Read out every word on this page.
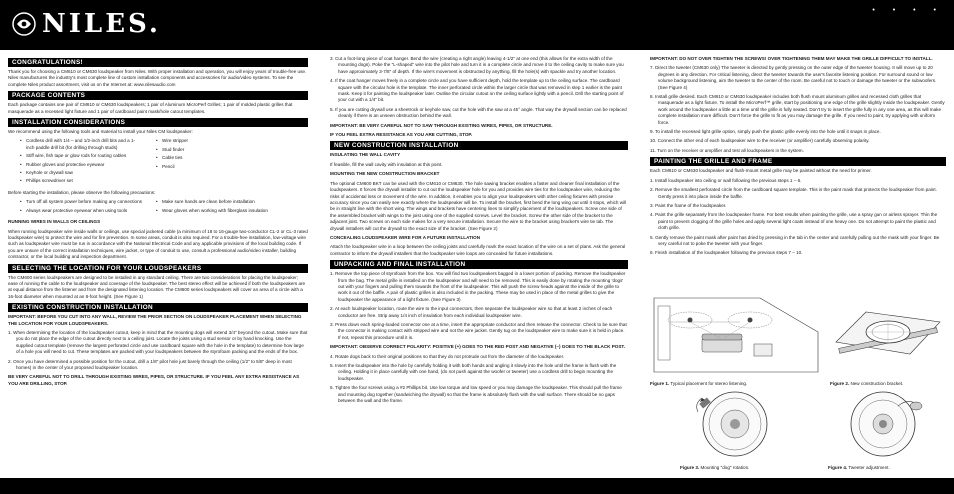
NILES.	• • • •
CONGRATULATIONS!
Thank you for choosing a CM610 or CM630 loudspeaker from Niles. With proper installation and operation, you will enjoy years of trouble-free use. Niles manufactures the industry's most complete line of custom installation components and accessories for audio/video systems. To see the complete Niles product assortment, visit us on the Internet at: www.nilesaudio.com
PACKAGE CONTENTS
Each package contains one pair of CM610 or CM630 loudspeakers; 1 pair of Aluminum MicroPerf Grilles; 1 pair of molded plastic grilles that masquerade as a recessed light fixture and 1 pair of cardboard paint mask/hole cutout templates.
INSTALLATION CONSIDERATIONS
We recommend using the following tools and material to install your Niles CM loudspeaker:
• Cordless drill with 1/4 – and 1/2-inch drill bits and a 1-inch paddle drill bit (for drilling through studs)
• Stiff wire, fish tape or glow rods for routing cables
• Rubber gloves and protective eyewear
• Keyhole or drywall saw
• Phillips screwdriver set
• Wire stripper
• Stud finder
• Cable ties
• Pencil
Before starting the installation, please observe the following precautions:
• Turn off all system power before making any connections
• Always wear protective eyewear when using tools
• Make sure hands are clean before installation
• Wear gloves when working with fiberglass insulation
RUNNING WIRES IN WALLS OR CEILINGS
When running loudspeaker wire inside walls or ceilings, use special jacketed cable (a minimum of 18 to 16-gauge two-conductor CL-2 or CL-3 rated loudspeaker wire) to protect the wire and for fire prevention. In some areas, conduit is also required. For a trouble-free installation, low-voltage wire such as loudspeaker wire must be run in accordance with the National Electrical Code and any applicable provisions of the local building code. If you are unsure of the correct installation techniques, wire jacket, or type of conduit to use, consult a professional audio/video installer, building contractor, or the local building and inspection department.
SELECTING THE LOCATION FOR YOUR LOUDSPEAKERS
The CM600 series loudspeakers are designed to be installed in any standard ceiling. There are two considerations for placing the loudspeaker; ease of running the cable to the loudspeaker and coverage of the loudspeaker. The best stereo effect will be achieved if both the loudspeakers are at equal distance from the listener and from the designated listening location. The CM600 series loudspeakers will cover an area of a circle with a 16-foot diameter when mounted at an 8-foot height. (See Figure 1)
EXISTING CONSTRUCTION INSTALLATION
IMPORTANT: BEFORE YOU CUT INTO ANY WALL, REVIEW THE PRIOR SECTION ON LOUDSPEAKER PLACEMENT WHEN SELECTING THE LOCATION FOR YOUR LOUDSPEAKERS.
1. When determining the location of the loudspeaker cutout, keep in mind that the mounting dogs will extend 3/4" beyond the cutout. Make sure that you do not place the edge of the cutout directly next to a ceiling joist. Locate the joists using a stud sensor or by hand knocking. Use the supplied cutout template (remove the largest perforated circle and use cardboard square with the hole in the template) to determine how large of a hole you will need to cut. These templates are packed with your loudspeakers between the styrofoam packing and the ends of the box.
2. Once you have determined a possible position for the cutout, drill a 1/8" pilot hole just barely through the ceiling (1/2" to 5/8" deep in most homes) in the center of your proposed loudspeaker location.
BE VERY CAREFUL NOT TO DRILL THROUGH EXISTING WIRES, PIPES, OR STRUCTURE. IF YOU FEEL ANY EXTRA RESISTANCE AS YOU ARE DRILLING, STOP.
3. Cut a foot-long piece of coat hanger. Bend the wire (creating a right angle) leaving 4-1/2" at one end (this allows for the extra width of the mounting dogs). Poke the "L-shaped" wire into the pilot hole and turn it in a complete circle and move it to the ceiling cavity to make sure you have approximately 3-7/8" of depth. If the wire's movement is obstructed by anything, fill the hole(s) with spackle and try another location.
4. If the coat hanger moves freely in a complete circle and you have sufficient depth, hold the template up to the ceiling surface. The cardboard square with the circular hole is the template. The inner perforated circle within the larger circle that was removed in step 1 earlier is the paint mask. Keep it for painting the loudspeaker later. Outline the circular cutout on the ceiling surface lightly with a pencil. Drill the starting point of your cut with a 1/4" bit.
5. If you are cutting drywall use a sheetrock or keyhole saw, cut the hole with the saw at a 45° angle. That way the drywall section can be replaced cleanly if there is an unseen obstruction behind the wall.
IMPORTANT: BE VERY CAREFUL NOT TO SAW THROUGH EXISTING WIRES, PIPES, OR STRUCTURE.
IF YOU FEEL EXTRA RESISTANCE AS YOU ARE CUTTING, STOP.
NEW CONSTRUCTION INSTALLATION
INSULATING THE WALL CAVITY
If feasible, fill the wall cavity with insulation at this point.
MOUNTING THE NEW CONSTRUCTION BRACKET
The optional CM600 BKT can be used with the CM610 or CM630. The hole sawing bracket enables a faster and cleaner final installation of the loudspeakers. It forces the drywall installer to cut out the loudspeaker hole for you and provides wire ties for the loudspeaker wire, reducing the risks of accidental loss or movement of the wire. In addition, it enables you to align your loudspeakers with other ceiling fixtures with precise accuracy since you can easily see exactly where the loudspeaker will be. To install the bracket, first bend the long wing out until it stops, which will be in straight line with the short wing. The wings and brackets have centering lines to simplify placement of the loudspeakers. Screw one side of the assembled bracket with wings to the joist using one of the supplied screws. Level the bracket. Screw the other side of the bracket to the adjacent joist. Two screws on each side makes for a very secure installation. Secure the wire to the bracket using bracket's wire tie tab. The drywall installers will cut the drywall to the exact size of the bracket. (See Figure 2)
CONCEALING LOUDSPEAKER WIRE FOR A FUTURE INSTALLATION
Attach the loudspeaker wire in a loop between the ceiling joists and carefully mark the exact location of the wire on a set of plans. Ask the general contractor to inform the drywall installers that the loudspeaker wire loops are concealed for future installations.
UNPACKING AND FINAL INSTALLATION
1. Remove the top piece of styrofoam from the box. You will find two loudspeakers bagged in a lower portion of packing. Remove the loudspeaker from the bag. The metal grille is installed on the loudspeaker and will need to be removed. This is easily done by rotating the mounting 'dogs' out with your fingers and pulling them towards the front of the loudspeaker. This will push the screw heads against the inside of the grille to work it out of the baffle. A pair of plastic grilles is also included in the packing. These may be used in place of the metal grilles to give the loudspeaker the appearance of a light fixture. (See Figure 3)
2. At each loudspeaker location, route the wire to the input connectors, then separate the loudspeaker wire so that at least 2 inches of each conductor are free. Strip away 1/4 inch of insulation from each individual loudspeaker wire.
3. Press down each spring-loaded connector one at a time, insert the appropriate conductor and then release the connector. Check to be sure that the connector is making contact with stripped wire and not the wire jacket. Gently tug on the loudspeaker wire to make sure it is held in place. If not, repeat this procedure until it is.
IMPORTANT: OBSERVE CORRECT POLARITY: POSITIVE (+) GOES TO THE RED POST AND NEGATIVE (–) GOES TO THE BLACK POST.
4. Rotate dogs back to their original positions so that they do not protrude out from the diameter of the loudspeaker.
5. Insert the loudspeaker into the hole by carefully holding it with both hands and angling it slowly into the hole until the frame is flush with the ceiling. Holding it in place carefully with one hand, (do not push against the woofer or tweeter) use a cordless drill to begin mounting the loudspeaker.
6. Tighten the four screws using a #2 Phillips bit. Use low torque and low speed or you may damage the loudspeaker. This should pull the frame and mounting dog together (sandwiching the drywall) so that the frame is absolutely flush with the wall surface. There should be no gaps between the wall and the frame.
IMPORTANT: DO NOT OVER TIGHTEN THE SCREWS! OVER TIGHTENING THEM MAY MAKE THE GRILLE DIFFICULT TO INSTALL.
7. Direct the tweeter (CM630 only) The tweeter is directed by gently pressing on the outer edge of the tweeter housing. It will move up to 20 degrees in any direction. For critical listening, direct the tweeter towards the user's favorite listening position. For surround sound or low volume background listening, aim the tweeter to the center of the room. Be careful not to touch or damage the tweeter or the subwoofers. (See Figure 4)
8. Install grille desired. Each CM610 or CM630 loudspeaker includes both flush mount aluminum grilles and recessed cloth grilles that masquerade as a light fixture. To install the MicroPerf™ grille, start by positioning one edge of the grille slightly inside the loudspeaker. Gently work around the loudspeaker a little at a time until the grille is fully seated. Don't try to insert the grille fully in any one area, as this will make complete installation more difficult. Don't force the grille to fit as you may damage the grille. If you need to paint, try applying with uniform force.
9. To install the recessed light grille option, simply push the plastic grille evenly into the hole until it snaps in place.
10. Connect the other end of each loudspeaker wire to the receiver (or amplifier) carefully observing polarity.
11. Turn on the receiver or amplifier and test all loudspeakers in the system.
PAINTING THE GRILLE AND FRAME
Each CM610 or CM630 loudspeaker and flush-mount metal grille may be painted without the need for primer.
1. Install loudspeaker into ceiling or wall following the previous steps 1 – 6.
2. Remove the smallest perforated circle from the cardboard square template. This is the paint mask that protects the loudspeaker from paint. Gently press it into place inside the baffle.
3. Paint the frame of the loudspeaker.
4. Paint the grille separately from the loudspeaker frame. For best results when painting the grille, use a spray gun or airless sprayer. Thin the paint to prevent clogging of the grille holes and apply several light coats instead of one heavy one. Do not attempt to paint the plastic and cloth grille.
5. Gently remove the paint mask after paint has dried by pressing in the tab in the center and carefully pulling out the mask with your finger. Be very careful not to poke the tweeter with your finger.
6. Finish installation of the loudspeaker following the previous steps 7 – 10.
Figure 1. Typical placement for stereo listening.	Figure 2. New construction bracket.
Figure 3. Mounting "dog" rotation.	Figure 4. Tweeter adjustment.
